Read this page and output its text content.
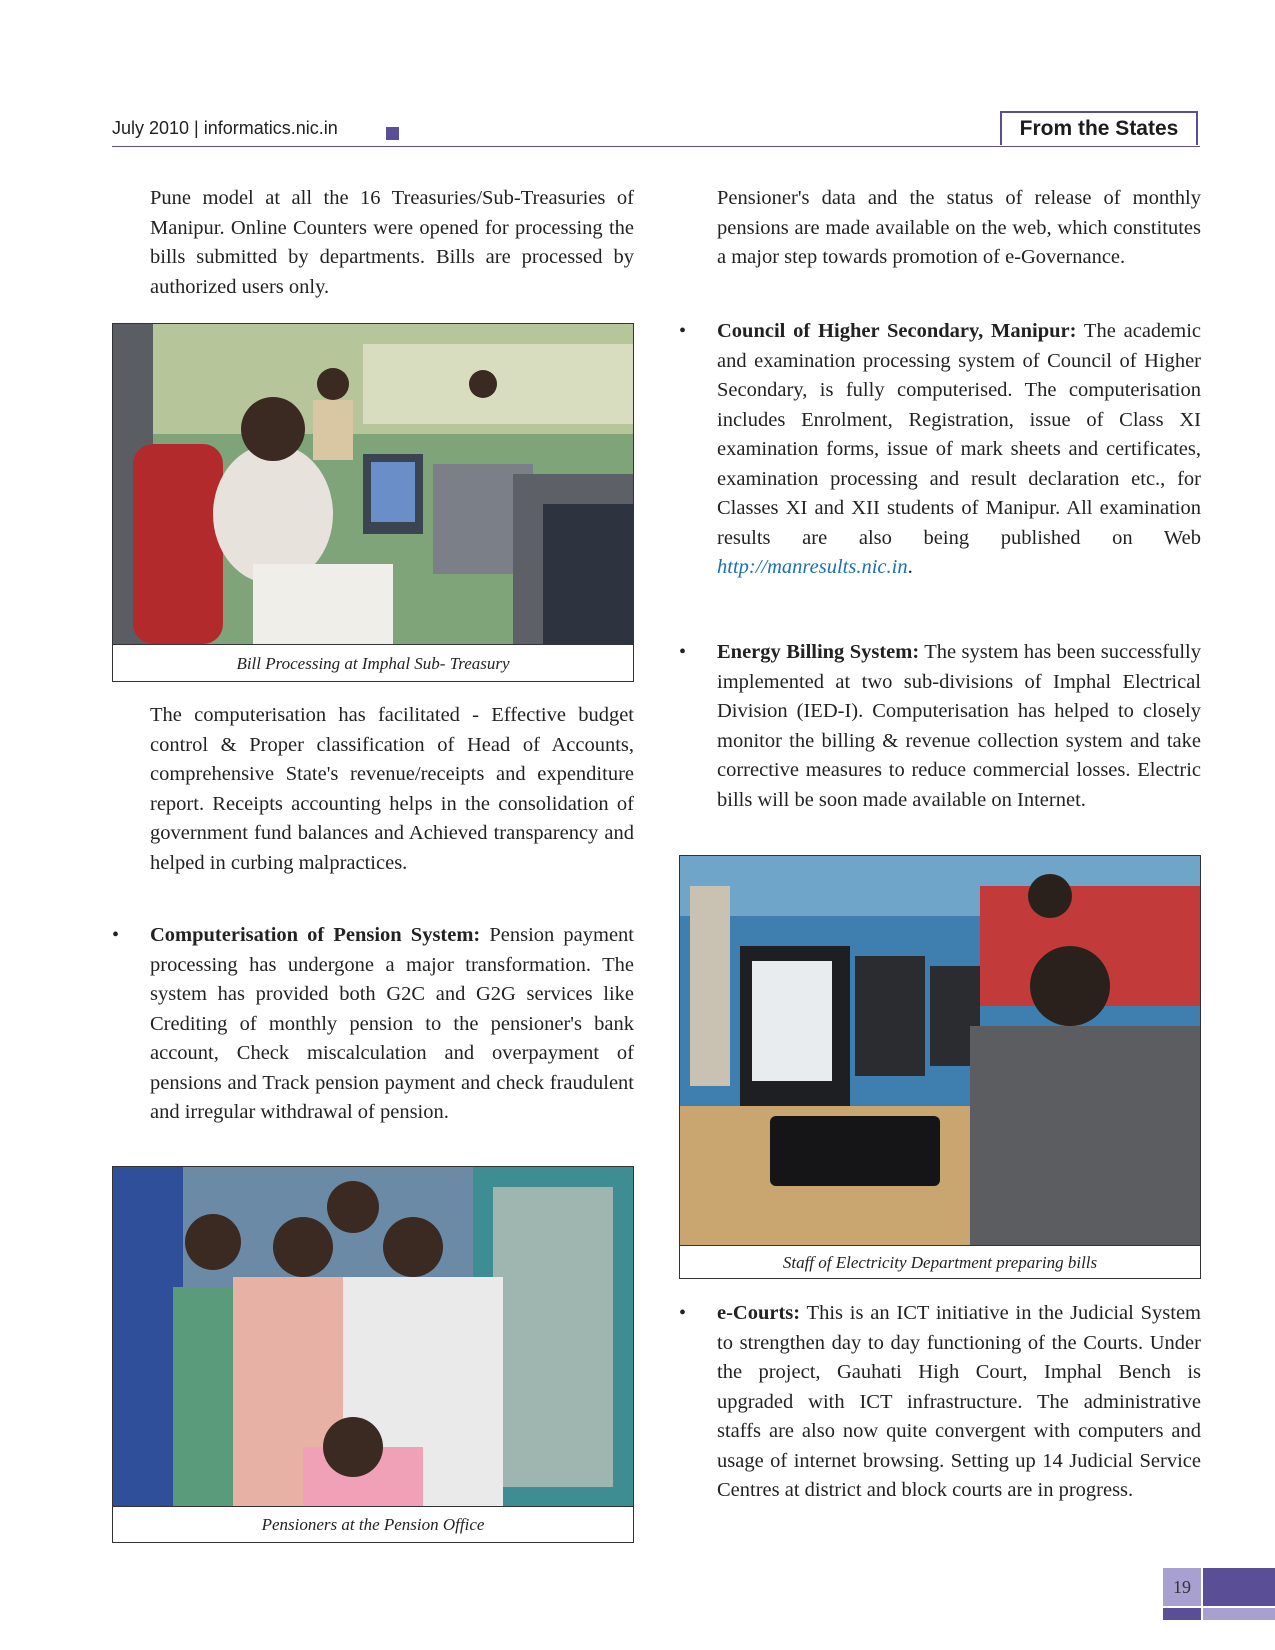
July 2010 | informatics.nic.in	From the States
Pune model at all the 16 Treasuries/Sub-Treasuries of Manipur. Online Counters were opened for processing the bills submitted by departments. Bills are processed by authorized users only.
Bill Processing at Imphal Sub- Treasury
The computerisation has facilitated - Effective budget control & Proper classification of Head of Accounts, comprehensive State's revenue/receipts and expenditure report. Receipts accounting helps in the consolidation of government fund balances and Achieved transparency and helped in curbing malpractices.
• Computerisation of Pension System: Pension payment processing has undergone a major transformation. The system has provided both G2C and G2G services like Crediting of monthly pension to the pensioner's bank account, Check miscalculation and overpayment of pensions and Track pension payment and check fraudulent and irregular withdrawal of pension.
Pensioners at the Pension Office
Pensioner's data and the status of release of monthly pensions are made available on the web, which constitutes a major step towards promotion of e-Governance.
• Council of Higher Secondary, Manipur: The academic and examination processing system of Council of Higher Secondary, is fully computerised. The computerisation includes Enrolment, Registration, issue of Class XI examination forms, issue of mark sheets and certificates, examination processing and result declaration etc., for Classes XI and XII students of Manipur. All examination results are also being published on Web http://manresults.nic.in.
• Energy Billing System: The system has been successfully implemented at two sub-divisions of Imphal Electrical Division (IED-I). Computerisation has helped to closely monitor the billing & revenue collection system and take corrective measures to reduce commercial losses. Electric bills will be soon made available on Internet.
Staff of Electricity Department preparing bills
• e-Courts: This is an ICT initiative in the Judicial System to strengthen day to day functioning of the Courts. Under the project, Gauhati High Court, Imphal Bench is upgraded with ICT infrastructure. The administrative staffs are also now quite convergent with computers and usage of internet browsing. Setting up 14 Judicial Service Centres at district and block courts are in progress.
19
